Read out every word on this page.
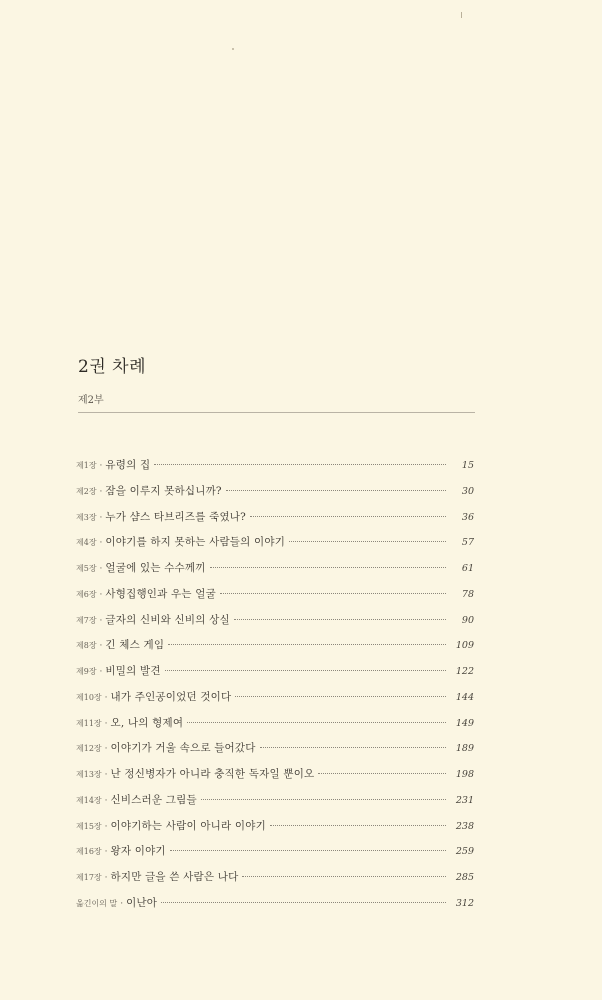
2권 차례
제2부
제1장 · 유령의 집	15
제2장 · 잠을 이루지 못하십니까?	30
제3장 · 누가 샴스 타브리즈를 죽였나?	36
제4장 · 이야기를 하지 못하는 사람들의 이야기	57
제5장 · 얼굴에 있는 수수께끼	61
제6장 · 사형집행인과 우는 얼굴	78
제7장 · 글자의 신비와 신비의 상실	90
제8장 · 긴 체스 게임	109
제9장 · 비밀의 발견	122
제10장 · 내가 주인공이었던 것이다	144
제11장 · 오, 나의 형제여	149
제12장 · 이야기가 거울 속으로 들어갔다	189
제13장 · 난 정신병자가 아니라 충직한 독자일 뿐이오	198
제14장 · 신비스러운 그림들	231
제15장 · 이야기하는 사람이 아니라 이야기	238
제16장 · 왕자 이야기	259
제17장 · 하지만 글을 쓴 사람은 나다	285
옮긴이의 말 · 이난아	312
